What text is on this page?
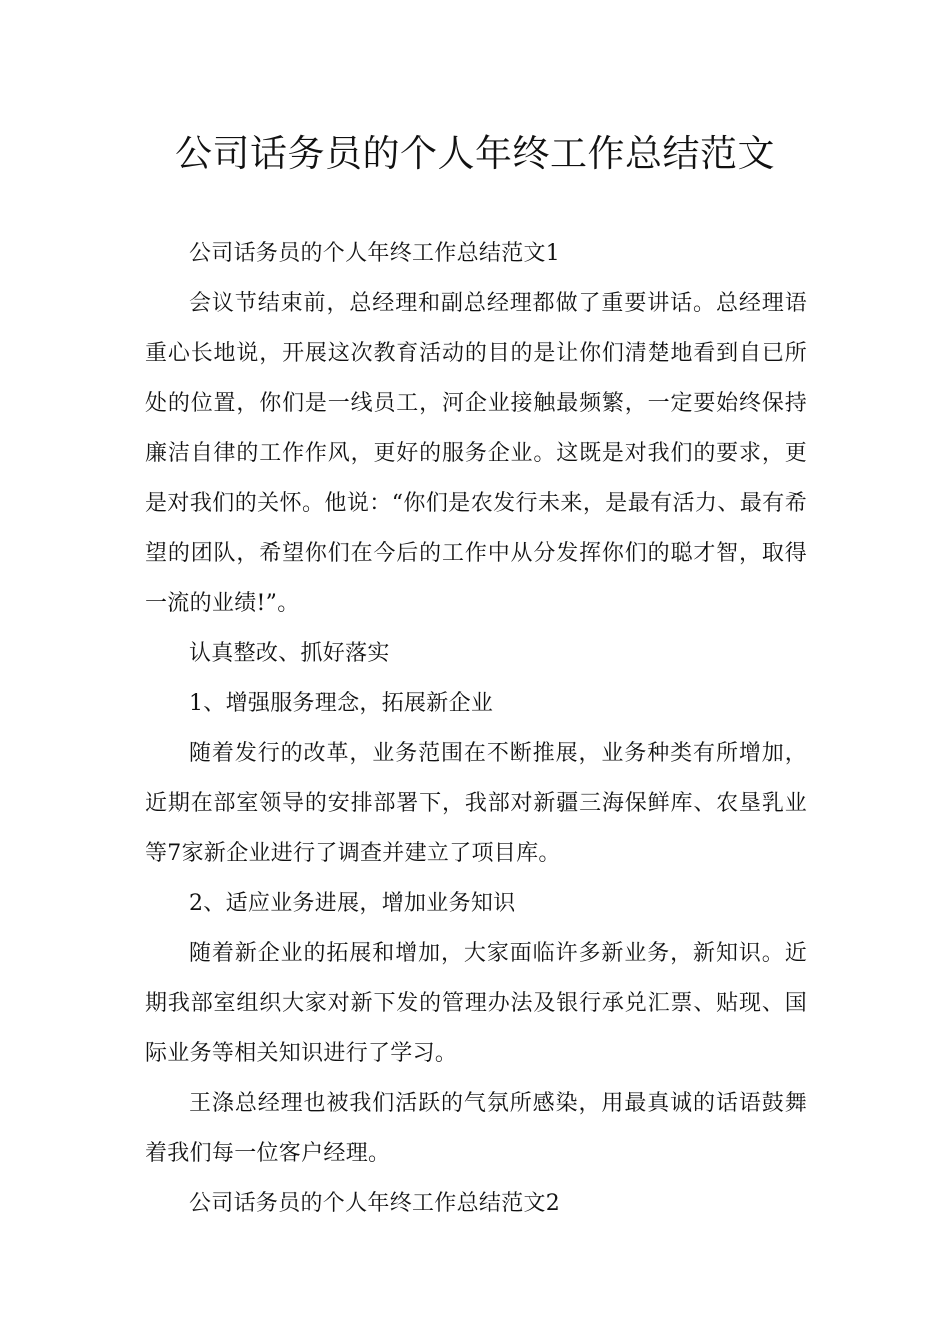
公司话务员的个人年终工作总结范文

公司话务员的个人年终工作总结范文1

会议节结束前，总经理和副总经理都做了重要讲话。总经理语重心长地说，开展这次教育活动的目的是让你们清楚地看到自已所处的位置，你们是一线员工，河企业接触最频繁，一定要始终保持廉洁自律的工作作风，更好的服务企业。这既是对我们的要求，更是对我们的关怀。他说：“你们是农发行未来，是最有活力、最有希望的团队，希望你们在今后的工作中从分发挥你们的聪才智，取得一流的业绩!”。

认真整改、抓好落实

1、增强服务理念，拓展新企业

随着发行的改革，业务范围在不断推展，业务种类有所增加，近期在部室领导的安排部署下，我部对新疆三海保鲜库、农垦乳业等7家新企业进行了调查并建立了项目库。

2、适应业务进展，增加业务知识

随着新企业的拓展和增加，大家面临许多新业务，新知识。近期我部室组织大家对新下发的管理办法及银行承兑汇票、贴现、国际业务等相关知识进行了学习。

王涤总经理也被我们活跃的气氛所感染，用最真诚的话语鼓舞着我们每一位客户经理。

公司话务员的个人年终工作总结范文2
